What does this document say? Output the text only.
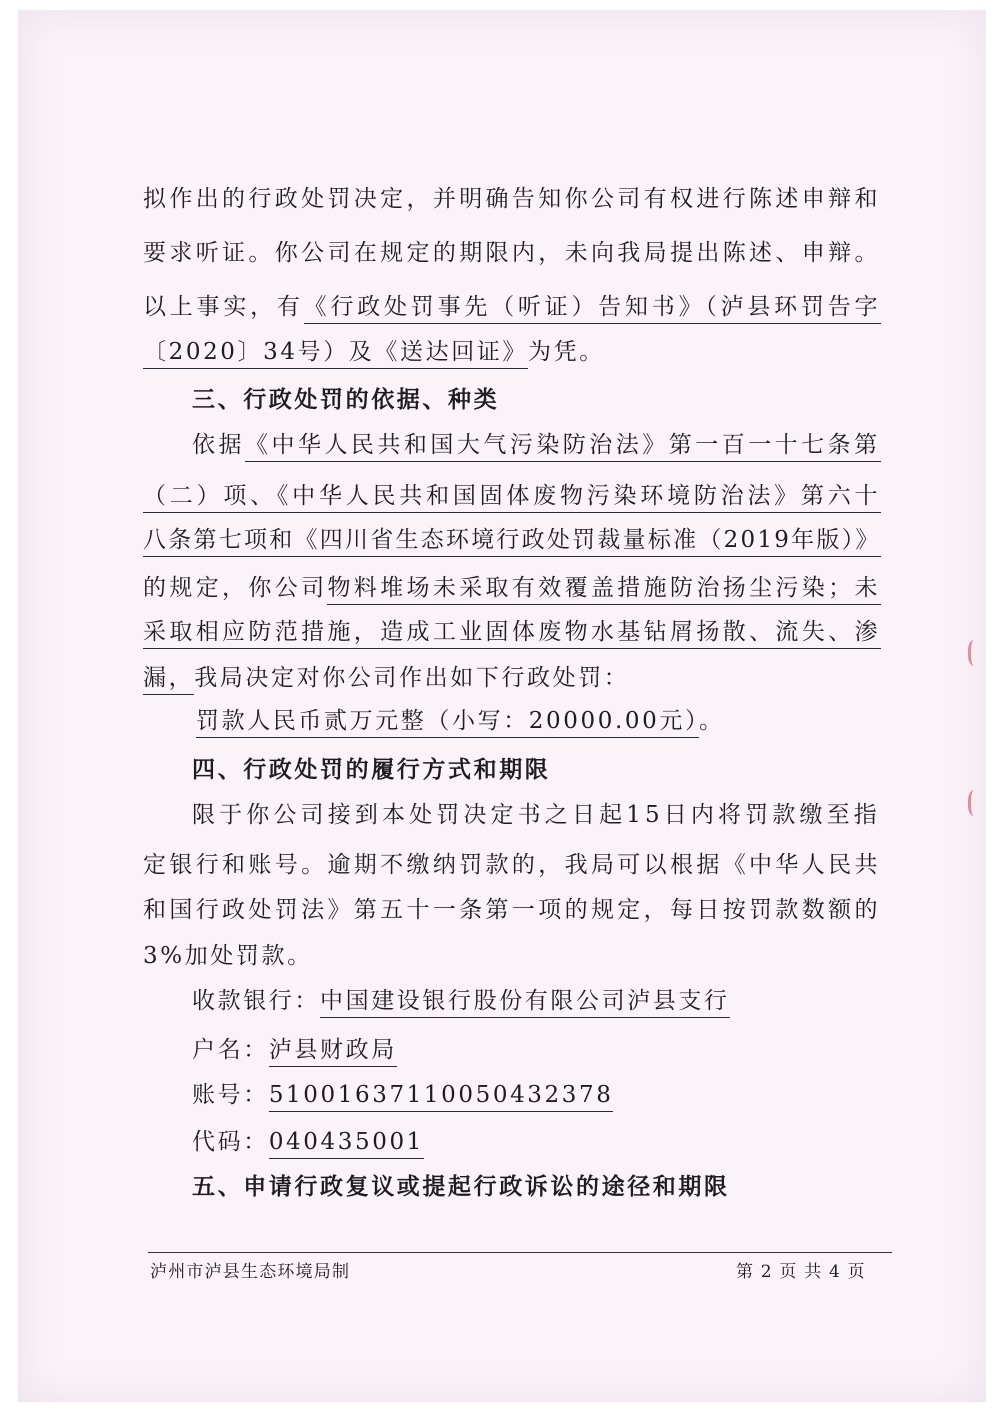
拟作出的行政处罚决定，并明确告知你公司有权进行陈述申辩和
要求听证。你公司在规定的期限内，未向我局提出陈述、申辩。
以上事实，有《行政处罚事先（听证）告知书》（泸县环罚告字
〔2020〕34号）及《送达回证》为凭。
三、行政处罚的依据、种类
依据《中华人民共和国大气污染防治法》第一百一十七条第
（二）项、《中华人民共和国固体废物污染环境防治法》第六十
八条第七项和《四川省生态环境行政处罚裁量标准（2019年版）》
的规定，你公司物料堆场未采取有效覆盖措施防治扬尘污染；未
采取相应防范措施，造成工业固体废物水基钻屑扬散、流失、渗
漏，我局决定对你公司作出如下行政处罚：
罚款人民币贰万元整（小写：20000.00元）。
四、行政处罚的履行方式和期限
限于你公司接到本处罚决定书之日起15日内将罚款缴至指
定银行和账号。逾期不缴纳罚款的，我局可以根据《中华人民共
和国行政处罚法》第五十一条第一项的规定，每日按罚款数额的
3%加处罚款。
收款银行：中国建设银行股份有限公司泸县支行
户名：泸县财政局
账号：51001637110050432378
代码：040435001
五、申请行政复议或提起行政诉讼的途径和期限
泸州市泸县生态环境局制	第 2 页 共 4 页
